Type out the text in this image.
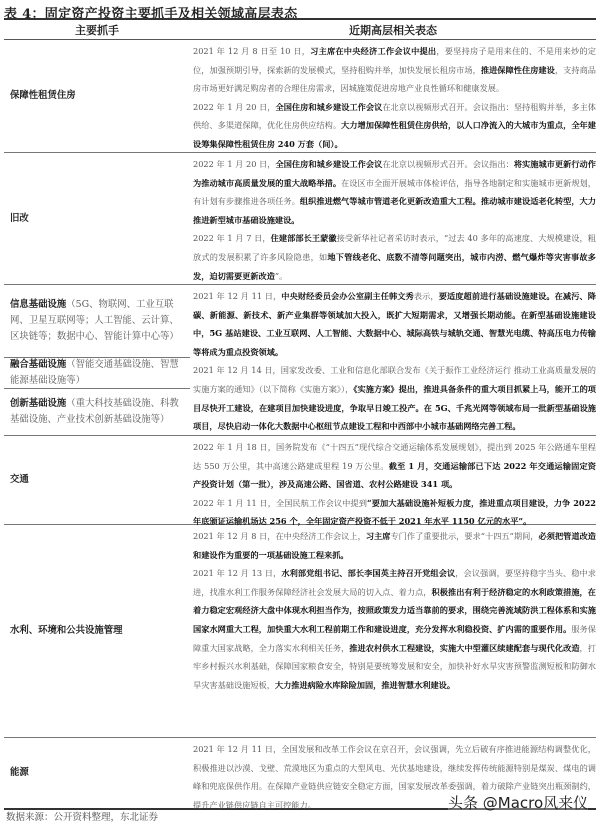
表 4：固定资产投资主要抓手及相关领域高层表态
主要抓手	近期高层相关表态
保障性租赁住房

2021 年 12 月 8 日至 10 日，习主席在中央经济工作会议中提出，要坚持房子是用来住的、不是用来炒的定位，加强预期引导，探索新的发展模式，坚持租购并举，加快发展长租房市场，推进保障性住房建设，支持商品房市场更好满足购房者的合理住房需求，因城施策促进房地产业良性循环和健康发展。

2022 年 1 月 20 日，全国住房和城乡建设工作会议在北京以视频形式召开。会议指出：坚持租购并举，多主体供给、多渠道保障，优化住房供应结构。大力增加保障性租赁住房供给，以人口净流入的大城市为重点，全年建设筹集保障性租赁住房 240 万套（间）。

旧改

2022 年 1 月 20 日，全国住房和城乡建设工作会议在北京以视频形式召开。会议指出：将实施城市更新行动作为推动城市高质量发展的重大战略举措。在设区市全面开展城市体检评估，指导各地制定和实施城市更新规划，有计划有步骤推进各项任务。组织推进燃气等城市管道老化更新改造重大工程。推动城市建设适老化转型，大力推进新型城市基础设施建设。

2022 年 1 月 7 日，住建部部长王蒙徽接受新华社记者采访时表示，“过去 40 多年的高速度、大规模建设，粗放式的发展积累了许多风险隐患，如地下管线老化、底数不清等问题突出，城市内涝、燃气爆炸等灾害事故多发，迫切需要更新改造”。

信息基础设施（5G、物联网、工业互联网、卫星互联网等；人工智能、云计算、区块链等；数据中心、智能计算中心等）
融合基础设施（智能交通基础设施、智慧能源基础设施等）
创新基础设施（重大科技基础设施、科教基础设施、产业技术创新基础设施等）

2021 年 12 月 11 日，中央财经委员会办公室副主任韩文秀表示，要适度超前进行基础设施建设。在减污、降碳、新能源、新技术、新产业集群等领域加大投入，既扩大短期需求，又增强长期动能。在新型基础设施建设中，5G 基站建设、工业互联网、人工智能、大数据中心、城际高铁与城轨交通、智慧光电缆、特高压电力传输等将成为重点投资领域。

2021 年 12 月 14 日，国家发改委、工业和信息化部联合发布《关于振作工业经济运行 推动工业高质量发展的实施方案的通知》（以下简称《实施方案》），《实施方案》提出，推进具备条件的重大项目抓紧上马，能开工的项目尽快开工建设，在建项目加快建设进度，争取早日竣工投产。在 5G、千兆光网等领域布局一批新型基础设施项目，尽快启动一体化大数据中心枢纽节点建设工程和中西部中小城市基础网络完善工程。

交通

2022 年 1 月 18 日，国务院发布《“十四五”现代综合交通运输体系发展规划》，提出到 2025 年公路通车里程达 550 万公里，其中高速公路建成里程 19 万公里。截至 1 月，交通运输部已下达 2022 年交通运输固定资产投资计划（第一批），涉及高速公路、国省道、农村公路建设 341 项。

2022 年 1 月 11 日，全国民航工作会议中提到“要加大基础设施补短板力度，推进重点项目建设，力争 2022 年底颁证运输机场达 256 个，全年固定资产投资不低于 2021 年水平 1150 亿元的水平”。

水利、环境和公共设施管理

2021 年 12 月 8 日，在中央经济工作会议上，习主席专门作了重要批示，要求“十四五”期间，必须把管道改造和建设作为重要的一项基础设施工程来抓。

2021 年 12 月 13 日，水利部党组书记、部长李国英主持召开党组会议，会议强调，要坚持稳字当头、稳中求进，找准水利工作服务保障经济社会发展大局的切入点、着力点，积极推出有利于经济稳定的水利政策措施，在着力稳定宏观经济大盘中体现水利担当作为，按照政策发力适当靠前的要求，围绕完善流域防洪工程体系和实施国家水网重大工程，加快重大水利工程前期工作和建设进度，充分发挥水利稳投资、扩内需的重要作用。服务保障重大国家战略，全力落实水利相关任务，推进农村供水工程建设，实施大中型灌区续建配套与现代化改造，打牢乡村振兴水利基础，保障国家粮食安全，特别是要统筹发展和安全，加快补好水旱灾害预警监测短板和防御水旱灾害基础设施短板，大力推进病险水库除险加固，推进智慧水利建设。

能源

2021 年 12 月 11 日，全国发展和改革工作会议在京召开，会议强调，先立后破有序推进能源结构调整优化，积极推进以沙漠、戈壁、荒漠地区为重点的大型风电、光伏基地建设，继续发挥传统能源特别是煤炭、煤电的调峰和兜底保供作用。在保障产业链供应链安全稳定方面，国家发展改革委强调，着力破除产业链突出瓶颈制约，提升产业链供应链自主可控能力。

数据来源：公开资料整理，东北证券
头条 @Macro风来仪
